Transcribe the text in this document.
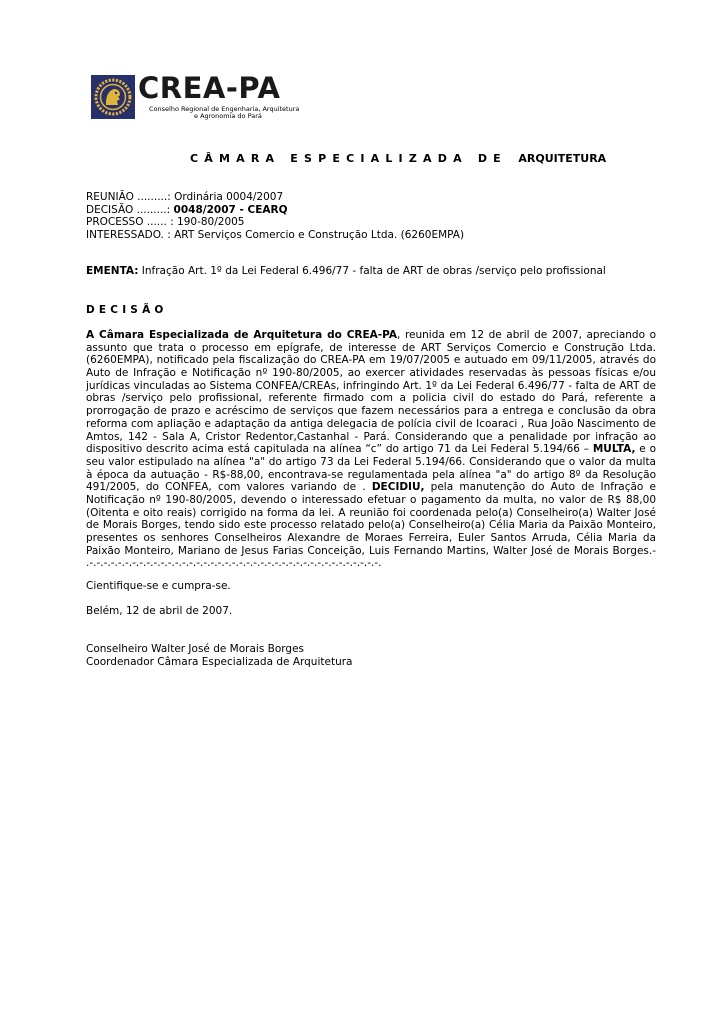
CREA-PA
Conselho Regional de Engenharia, Arquitetura
e Agronomia do Pará
CÂMARA ESPECIALIZADA DE ARQUITETURA
REUNIÃO .........: Ordinária 0004/2007
DECISÃO .........: 0048/2007 - CEARQ
PROCESSO ...... : 190-80/2005
INTERESSADO. : ART Serviços Comercio e Construção Ltda. (6260EMPA)
EMENTA: Infração Art. 1º da Lei Federal 6.496/77 - falta de ART de obras /serviço pelo profissional
DECISÃO
A Câmara Especializada de Arquitetura do CREA-PA, reunida em 12 de abril de 2007, apreciando o
assunto que trata o processo em epígrafe, de interesse de ART Serviços Comercio e Construção Ltda.
(6260EMPA), notificado pela fiscalização do CREA-PA em 19/07/2005 e autuado em 09/11/2005, através do
Auto de Infração e Notificação nº 190-80/2005, ao exercer atividades reservadas às pessoas físicas e/ou
jurídicas vinculadas ao Sistema CONFEA/CREAs, infringindo Art. 1º da Lei Federal 6.496/77 - falta de ART de
obras /serviço pelo profissional, referente firmado com a policia civil do estado do Pará, referente a
prorrogação de prazo e acréscimo de serviços que fazem necessários para a entrega e conclusão da obra
reforma com apliação e adaptação da antiga delegacia de polícia civil de Icoaraci , Rua João Nascimento de
Amtos, 142 - Sala A, Cristor Redentor,Castanhal - Pará. Considerando que a penalidade por infração ao
dispositivo descrito acima está capitulada na alínea “c” do artigo 71 da Lei Federal 5.194/66 – MULTA, e o
seu valor estipulado na alínea "a" do artigo 73 da Lei Federal 5.194/66. Considerando que o valor da multa
à época da autuação - R$-88,00, encontrava-se regulamentada pela alínea "a" do artigo 8º da Resolução
491/2005, do CONFEA, com valores variando de . DECIDIU, pela manutenção do Auto de Infração e
Notificação nº 190-80/2005, devendo o interessado efetuar o pagamento da multa, no valor de R$ 88,00
(Oitenta e oito reais) corrigido na forma da lei. A reunião foi coordenada pelo(a) Conselheiro(a) Walter José
de Morais Borges, tendo sido este processo relatado pelo(a) Conselheiro(a) Célia Maria da Paixão Monteiro,
presentes os senhores Conselheiros Alexandre de Moraes Ferreira, Euler Santos Arruda, Célia Maria da
Paixão Monteiro, Mariano de Jesus Farias Conceição, Luis Fernando Martins, Walter José de Morais Borges.-
.-.-.-.-.-.-.-.-.-.-.-.-.-.-.-.-.-.-.-.-.-.-.-.-.-.-.-.-.-.-.-.-.-.-.-.-.-.-.-.-.-.
Cientifique-se e cumpra-se.
Belém, 12 de abril de 2007.
Conselheiro Walter José de Morais Borges
Coordenador Câmara Especializada de Arquitetura
